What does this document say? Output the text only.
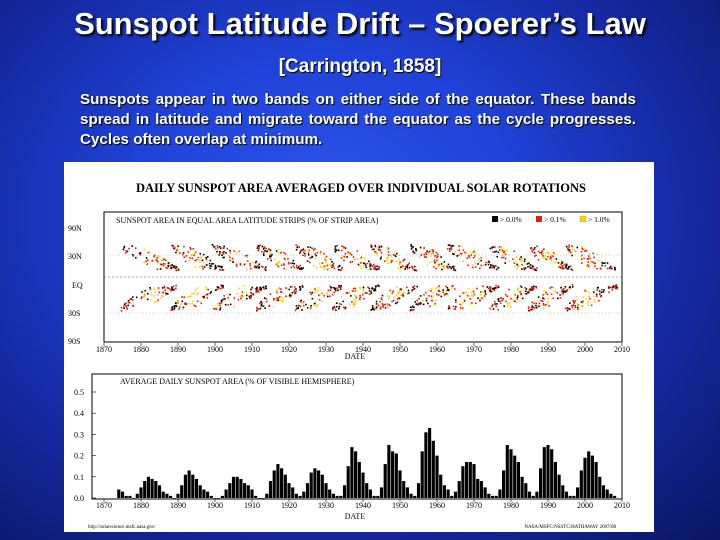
Sunspot Latitude Drift – Spoerer’s Law
[Carrington, 1858]
Sunspots appear in two bands on either side of the equator. These bands spread in latitude and migrate toward the equator as the cycle progresses. Cycles often overlap at minimum.
DAILY SUNSPOT AREA AVERAGED OVER INDIVIDUAL SOLAR ROTATIONS
SUNSPOT AREA IN EQUAL AREA LATITUDE STRIPS (% OF STRIP AREA)	> 0.0%	> 0.1%	> 1.0%
90N
30N
EQ
30S
90S
1870	1880	1890	1900	1910	1920	1930	1940	1950	1960	1970	1980	1990	2000	2010
DATE
AVERAGE DAILY SUNSPOT AREA (% OF VISIBLE HEMISPHERE)
0.0
0.1
0.2
0.3
0.4
0.5
1870	1880	1890	1900	1910	1920	1930	1940	1950	1960	1970	1980	1990	2000	2010
DATE
http://solarscience.msfc.nasa.gov/	NASA/MSFC/NSSTC/HATHAWAY 2007/08
